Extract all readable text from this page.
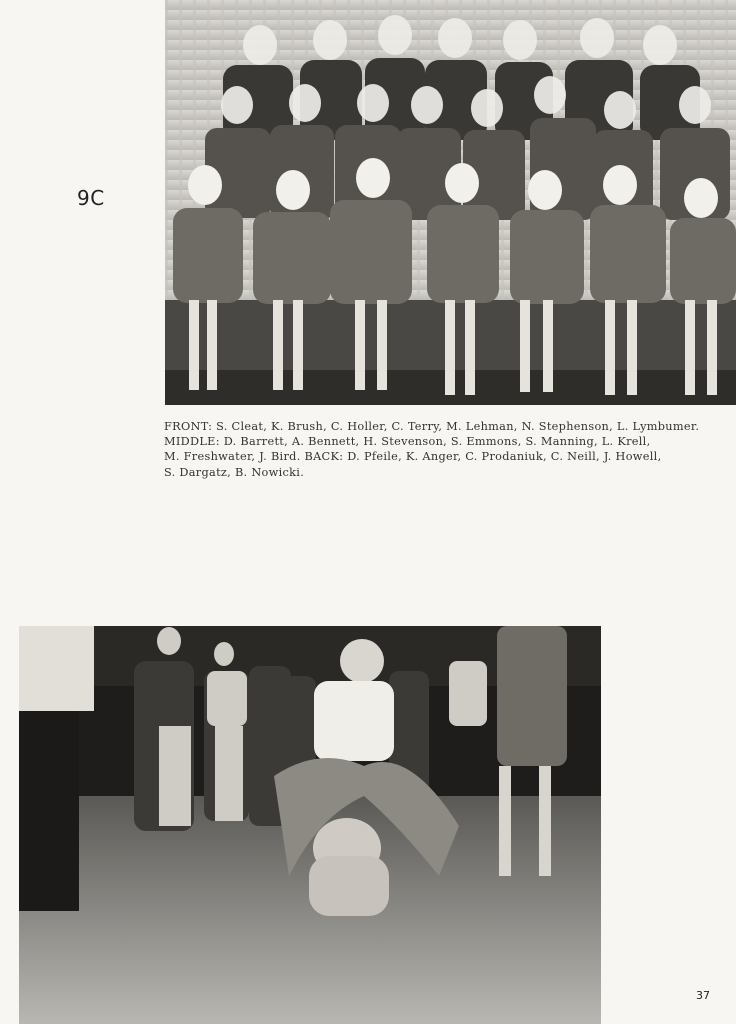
9C
FRONT: S. Cleat, K. Brush, C. Holler, C. Terry, M. Lehman, N. Stephenson, L. Lymbumer.
MIDDLE: D. Barrett, A. Bennett, H. Stevenson, S. Emmons, S. Manning, L. Krell,
M. Freshwater, J. Bird. BACK: D. Pfeile, K. Anger, C. Prodaniuk, C. Neill, J. Howell,
S. Dargatz, B. Nowicki.
37
